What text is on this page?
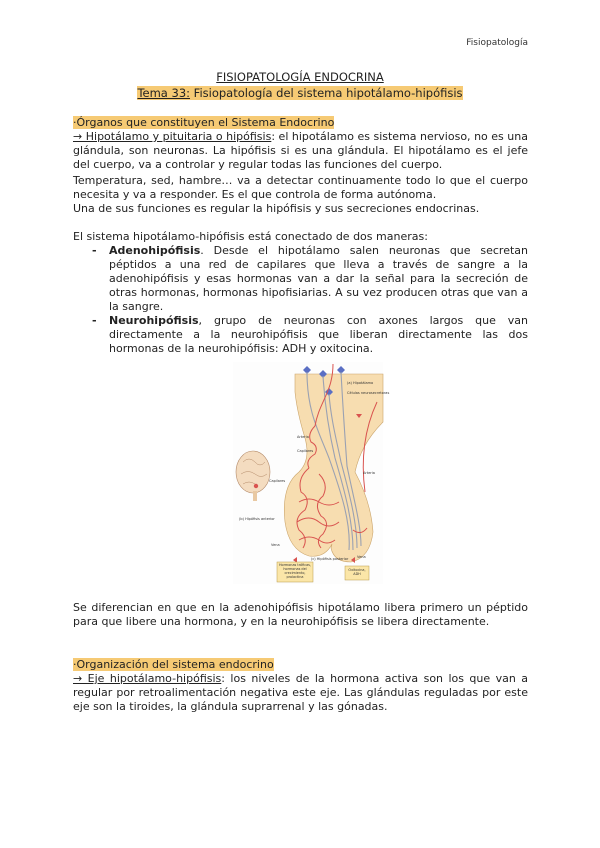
Fisiopatología
FISIOPATOLOGÍA ENDOCRINA
Tema 33: Fisiopatología del sistema hipotálamo-hipófisis
·Órganos que constituyen el Sistema Endocrino
→ Hipotálamo y pituitaria o hipófisis: el hipotálamo es sistema nervioso, no es una glándula, son neuronas. La hipófisis si es una glándula. El hipotálamo es el jefe del cuerpo, va a controlar y regular todas las funciones del cuerpo.
Temperatura, sed, hambre… va a detectar continuamente todo lo que el cuerpo necesita y va a responder. Es el que controla de forma autónoma.
Una de sus funciones es regular la hipófisis y sus secreciones endocrinas.
El sistema hipotálamo-hipófisis está conectado de dos maneras:
- Adenohipófisis. Desde el hipotálamo salen neuronas que secretan péptidos a una red de capilares que lleva a través de sangre a la adenohipófisis y esas hormonas van a dar la señal para la secreción de otras hormonas, hormonas hipofisiarias. A su vez producen otras que van a la sangre.
- Neurohipófisis, grupo de neuronas con axones largos que van directamente a la neurohipófisis que liberan directamente las dos hormonas de la neurohipófisis: ADH y oxitocina.
(a) Hipotálamo
Células neurosecretoras
Arteria
Capilares
Capilares
Arteria
(b) Hipófisis anterior
Vena
(c) Hipófisis posterior Vena
Hormonas tróficas, hormonas del crecimiento, prolactina
Oxitocina, ADH
Se diferencian en que en la adenohipófisis hipotálamo libera primero un péptido para que libere una hormona, y en la neurohipófisis se libera directamente.
·Organización del sistema endocrino
→ Eje hipotálamo-hipófisis: los niveles de la hormona activa son los que van a regular por retroalimentación negativa este eje. Las glándulas reguladas por este eje son la tiroides, la glándula suprarrenal y las gónadas.
